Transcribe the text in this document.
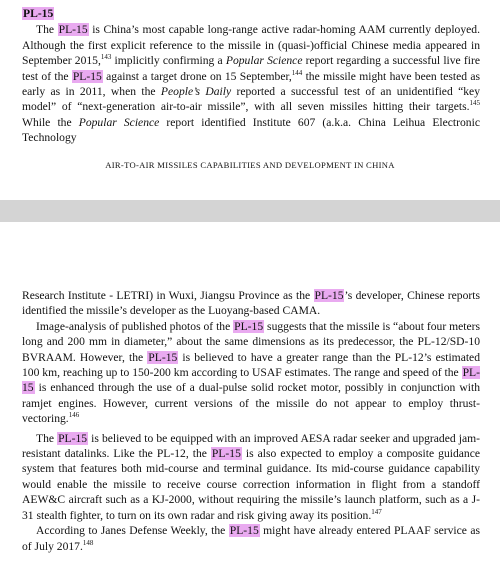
PL-15

The PL-15 is China’s most capable long-range active radar-homing AAM currently deployed. Although the first explicit reference to the missile in (quasi-)official Chinese media appeared in September 2015,$^{143}$ implicitly confirming a Popular Science report regarding a successful live fire test of the PL-15 against a target drone on 15 September,$^{144}$ the missile might have been tested as early as in 2011, when the People’s Daily reported a successful test of an unidentified “key model” of “next-generation air-to-air missile”, with all seven missiles hitting their targets.$^{145}$ While the Popular Science report identified Institute 607 (a.k.a. China Leihua Electronic Technology

AIR-TO-AIR MISSILES CAPABILITIES AND DEVELOPMENT IN CHINA

Research Institute - LETRI) in Wuxi, Jiangsu Province as the PL-15’s developer, Chinese reports identified the missile’s developer as the Luoyang-based CAMA.

Image-analysis of published photos of the PL-15 suggests that the missile is “about four meters long and 200 mm in diameter,” about the same dimensions as its predecessor, the PL-12/SD-10 BVRAAM. However, the PL-15 is believed to have a greater range than the PL-12’s estimated 100 km, reaching up to 150-200 km according to USAF estimates. The range and speed of the PL-15 is enhanced through the use of a dual-pulse solid rocket motor, possibly in conjunction with ramjet engines. However, current versions of the missile do not appear to employ thrust-vectoring.$^{146}$

The PL-15 is believed to be equipped with an improved AESA radar seeker and upgraded jam-resistant datalinks. Like the PL-12, the PL-15 is also expected to employ a composite guidance system that features both mid-course and terminal guidance. Its mid-course guidance capability would enable the missile to receive course correction information in flight from a standoff AEW&C aircraft such as a KJ-2000, without requiring the missile’s launch platform, such as a J-31 stealth fighter, to turn on its own radar and risk giving away its position.$^{147}$

According to Janes Defense Weekly, the PL-15 might have already entered PLAAF service as of July 2017.$^{148}$
